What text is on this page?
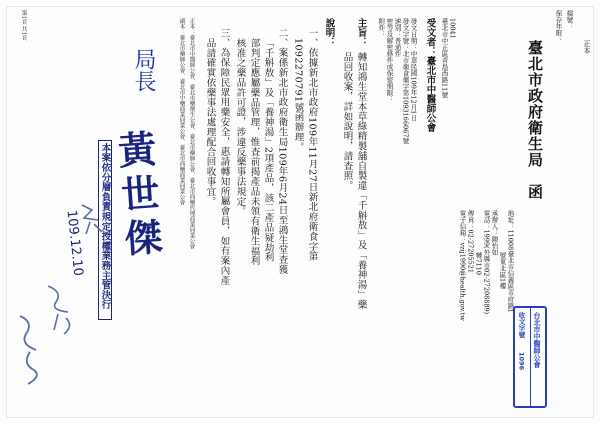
正本
檔號：
保存年限：
臺北市政府衛生局　函
地址：11008臺北市信義區市府路1
號東北區1樓
承辦人：陳怡如
電話：1999(外縣市02-27208889)
轉7110
傳真：02-27205521
電子信箱：vzij1990@health.gov.tw
10041
臺北市中正區青島西路11號
受文者：臺北市中醫師公會
發文日期：中華民國109年12月1日
發文字號：北市衛食藥字第1093166067號
速別：普通件
密等及解密條件或保密期限：
附件：
主旨：
轉知鴻生堂本草綠精製舖自製違「千斛敖」及「養神湯」藥
品回收案，詳如說明，請查照。
說明：
一、依據新北市政府109年11月27日新北府衛食字第
1092270791號函辦理。
二、案係新北市政府衛生局109年6月24日至鴻生堂查獲
「千斛敖」及「養神湯」2項產品，該二產品疑劫利
部判定應屬藥品管理，惟查前揭產品未領有衛生福利
核准之藥品許可證，涉違反藥事法規定。
三、為保障民眾用藥安全，惠請轉知所屬會員，如有案內產
品請確實依藥事法處理配合回收事宜。
正本：臺北市中醫師公會、臺北市藥劑生公會、臺北市藥師公會、臺北市西藥代理商業同業公會
副本：臺北市藥師公會、臺北市中藥商業同業公會、臺北市西藥商業同業公會
局長
黃世傑
本案依分層負責規定授權業務主管決行
109.12.10
第1頁 共1頁
台北市中醫師公會
收文字號
1096
